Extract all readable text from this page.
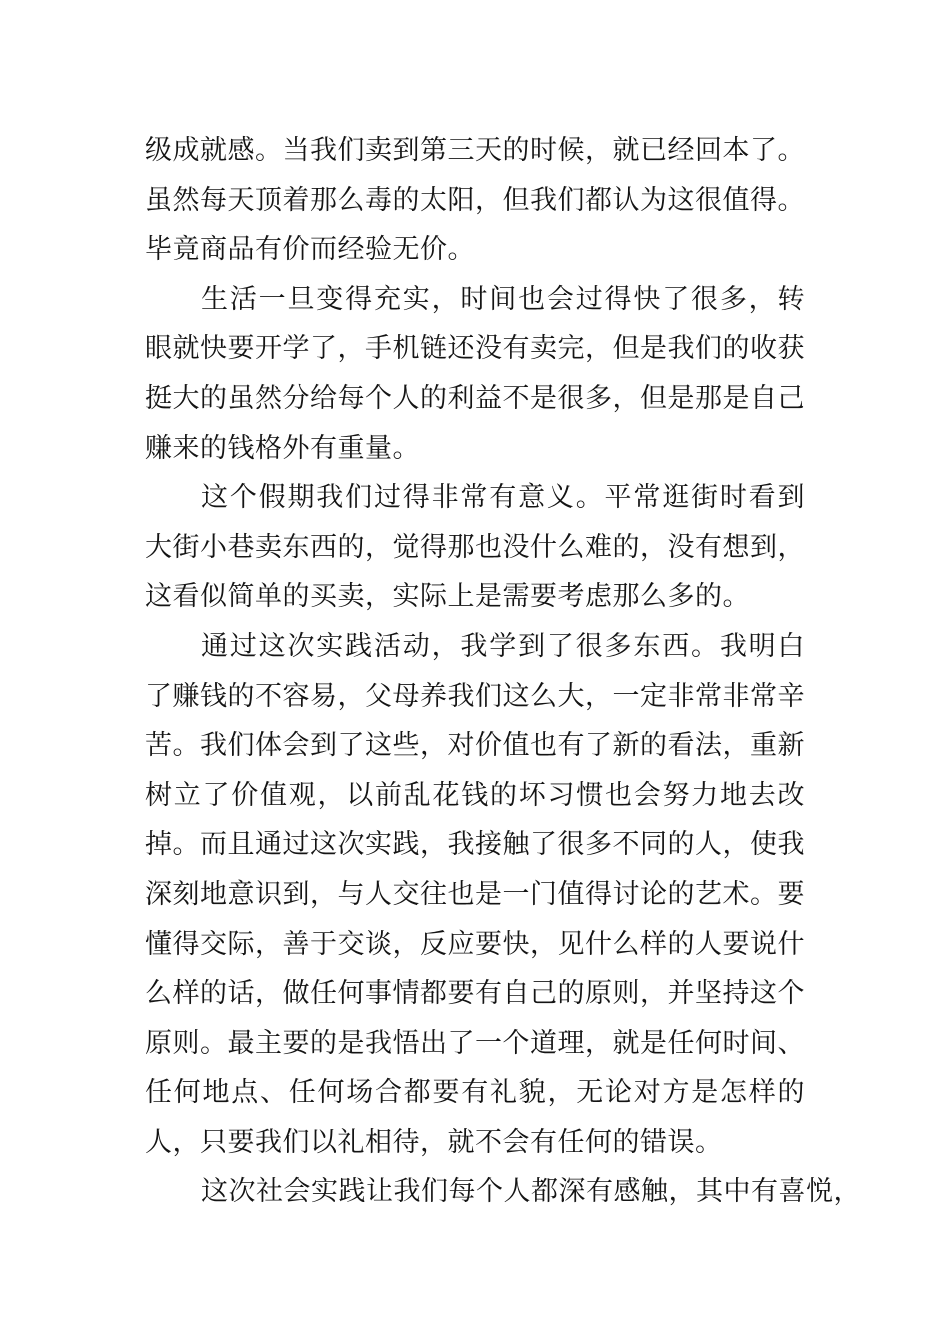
级成就感。当我们卖到第三天的时候，就已经回本了。虽然每天顶着那么毒的太阳，但我们都认为这很值得。毕竟商品有价而经验无价。

生活一旦变得充实，时间也会过得快了很多，转眼就快要开学了，手机链还没有卖完，但是我们的收获挺大的虽然分给每个人的利益不是很多，但是那是自己赚来的钱格外有重量。

这个假期我们过得非常有意义。平常逛街时看到大街小巷卖东西的，觉得那也没什么难的，没有想到，这看似简单的买卖，实际上是需要考虑那么多的。

通过这次实践活动，我学到了很多东西。我明白了赚钱的不容易，父母养我们这么大，一定非常非常辛苦。我们体会到了这些，对价值也有了新的看法，重新树立了价值观，以前乱花钱的坏习惯也会努力地去改掉。而且通过这次实践，我接触了很多不同的人，使我深刻地意识到，与人交往也是一门值得讨论的艺术。要懂得交际，善于交谈，反应要快，见什么样的人要说什么样的话，做任何事情都要有自己的原则，并坚持这个原则。最主要的是我悟出了一个道理，就是任何时间、任何地点、任何场合都要有礼貌，无论对方是怎样的人，只要我们以礼相待，就不会有任何的错误。

这次社会实践让我们每个人都深有感触，其中有喜悦，
